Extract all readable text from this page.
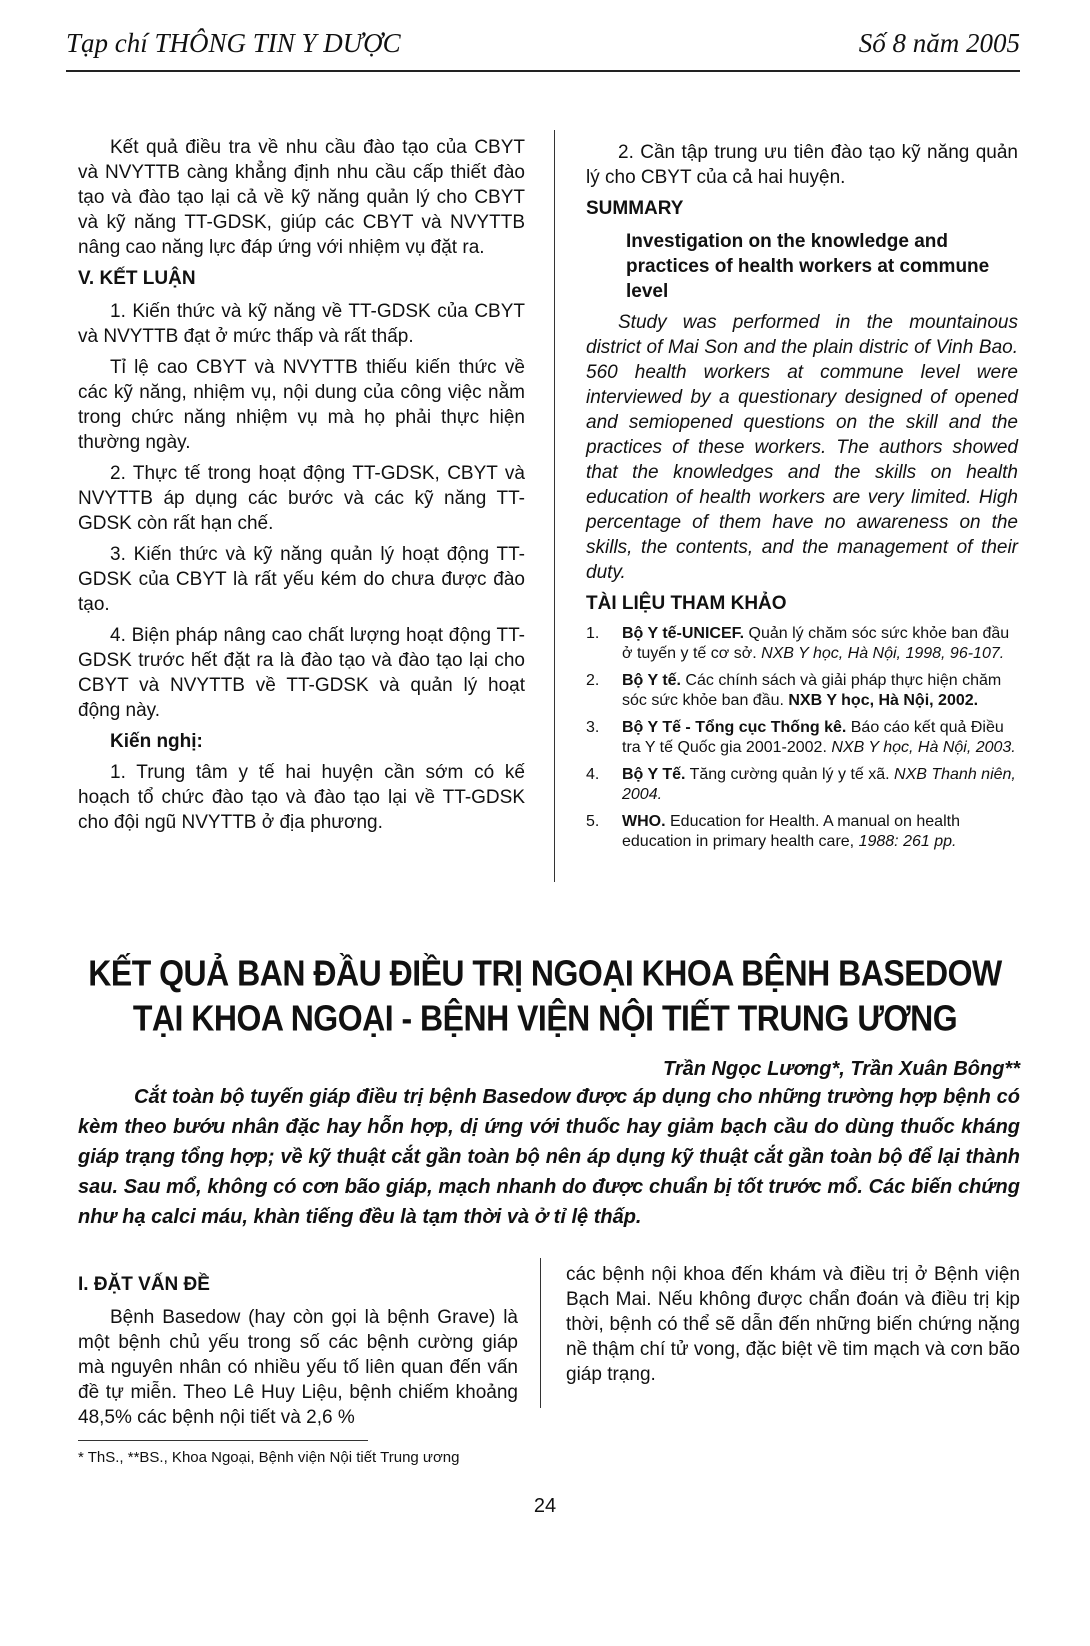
Tạp chí THÔNG TIN Y DƯỢC	Số 8 năm 2005

Kết quả điều tra về nhu cầu đào tạo của CBYT và NVYTTB càng khẳng định nhu cầu cấp thiết đào tạo và đào tạo lại cả về kỹ năng quản lý cho CBYT và kỹ năng TT-GDSK, giúp các CBYT và NVYTTB nâng cao năng lực đáp ứng với nhiệm vụ đặt ra.

V. KẾT LUẬN

1. Kiến thức và kỹ năng về TT-GDSK của CBYT và NVYTTB đạt ở mức thấp và rất thấp.

Tỉ lệ cao CBYT và NVYTTB thiếu kiến thức về các kỹ năng, nhiệm vụ, nội dung của công việc nằm trong chức năng nhiệm vụ mà họ phải thực hiện thường ngày.

2. Thực tế trong hoạt động TT-GDSK, CBYT và NVYTTB áp dụng các bước và các kỹ năng TT-GDSK còn rất hạn chế.

3. Kiến thức và kỹ năng quản lý hoạt động TT-GDSK của CBYT là rất yếu kém do chưa được đào tạo.

4. Biện pháp nâng cao chất lượng hoạt động TT-GDSK trước hết đặt ra là đào tạo và đào tạo lại cho CBYT và NVYTTB về TT-GDSK và quản lý hoạt động này.

Kiến nghị:

1. Trung tâm y tế hai huyện cần sớm có kế hoạch tổ chức đào tạo và đào tạo lại về TT-GDSK cho đội ngũ NVYTTB ở địa phương.

2. Cần tập trung ưu tiên đào tạo kỹ năng quản lý cho CBYT của cả hai huyện.

SUMMARY

Investigation on the knowledge and practices of health workers at commune level

Study was performed in the mountainous district of Mai Son and the plain distric of Vinh Bao. 560 health workers at commune level were interviewed by a questionary designed of opened and semiopened questions on the skill and the practices of these workers. The authors showed that the knowledges and the skills on health education of health workers are very limited. High percentage of them have no awareness on the skills, the contents, and the management of their duty.

TÀI LIỆU THAM KHẢO

1.	Bộ Y tế-UNICEF. Quản lý chăm sóc sức khỏe ban đầu ở tuyến y tế cơ sở. NXB Y học, Hà Nội, 1998, 96-107.
2.	Bộ Y tế. Các chính sách và giải pháp thực hiện chăm sóc sức khỏe ban đầu. NXB Y học, Hà Nội, 2002.
3.	Bộ Y Tế - Tổng cục Thống kê. Báo cáo kết quả Điều tra Y tế Quốc gia 2001-2002. NXB Y học, Hà Nội, 2003.
4.	Bộ Y Tế. Tăng cường quản lý y tế xã. NXB Thanh niên, 2004.
5.	WHO. Education for Health. A manual on health education in primary health care, 1988: 261 pp.
KẾT QUẢ BAN ĐẦU ĐIỀU TRỊ NGOẠI KHOA BỆNH BASEDOW
TẠI KHOA NGOẠI - BỆNH VIỆN NỘI TIẾT TRUNG ƯƠNG
Trần Ngọc Lương*, Trần Xuân Bông**
Cắt toàn bộ tuyến giáp điều trị bệnh Basedow được áp dụng cho những trường hợp bệnh có kèm theo bướu nhân đặc hay hỗn hợp, dị ứng với thuốc hay giảm bạch cầu do dùng thuốc kháng giáp trạng tổng hợp; về kỹ thuật cắt gần toàn bộ nên áp dụng kỹ thuật cắt gần toàn bộ để lại thành sau. Sau mổ, không có cơn bão giáp, mạch nhanh do được chuẩn bị tốt trước mổ. Các biến chứng như hạ calci máu, khàn tiếng đều là tạm thời và ở tỉ lệ thấp.

I. ĐẶT VẤN ĐỀ

Bệnh Basedow (hay còn gọi là bệnh Grave) là một bệnh chủ yếu trong số các bệnh cường giáp mà nguyên nhân có nhiều yếu tố liên quan đến vấn đề tự miễn. Theo Lê Huy Liệu, bệnh chiếm khoảng 48,5% các bệnh nội tiết và 2,6 %

các bệnh nội khoa đến khám và điều trị ở Bệnh viện Bạch Mai. Nếu không được chẩn đoán và điều trị kịp thời, bệnh có thể sẽ dẫn đến những biến chứng nặng nề thậm chí tử vong, đặc biệt về tim mạch và cơn bão giáp trạng.

* ThS., **BS., Khoa Ngoại, Bệnh viện Nội tiết Trung ương
24
